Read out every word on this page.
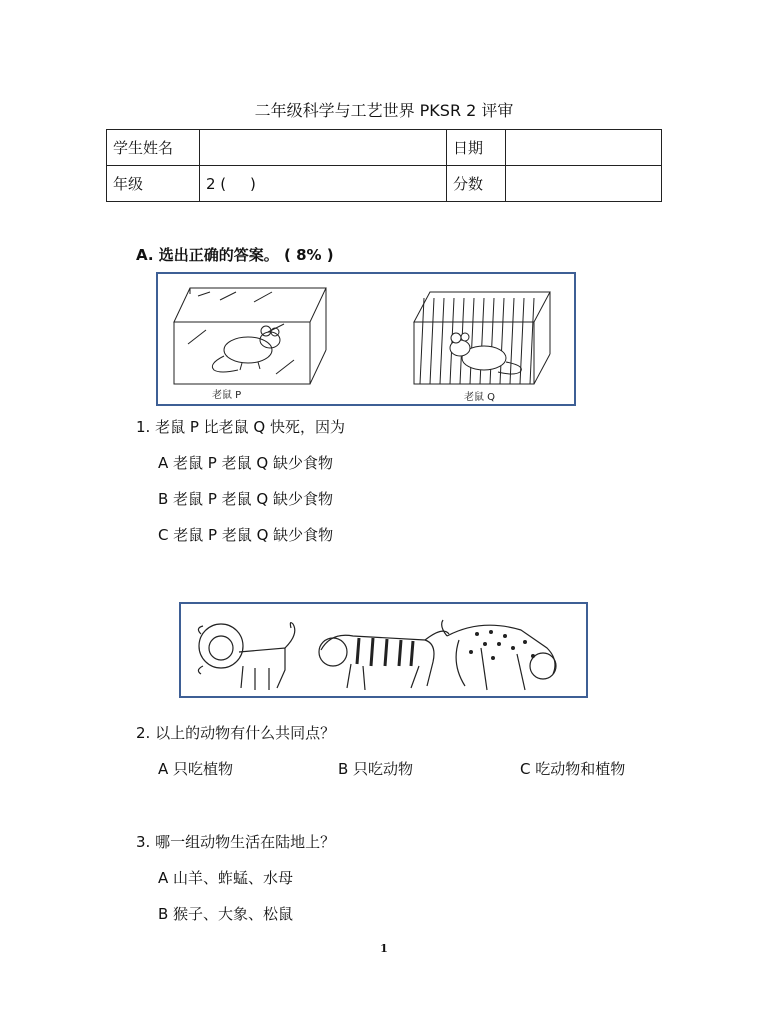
二年级科学与工艺世界 PKSR 2 评审
学生姓名		日期	
年级	2 (     )	分数	
A. 选出正确的答案。 ( 8% )
老鼠 P	老鼠 Q
1. 老鼠 P 比老鼠 Q 快死，因为
A 老鼠 P 老鼠 Q 缺少食物
B 老鼠 P 老鼠 Q 缺少食物
C 老鼠 P 老鼠 Q 缺少食物
2. 以上的动物有什么共同点？
A 只吃植物	B 只吃动物	C 吃动物和植物
3. 哪一组动物生活在陆地上？
A 山羊、蚱蜢、水母
B 猴子、大象、松鼠
1
